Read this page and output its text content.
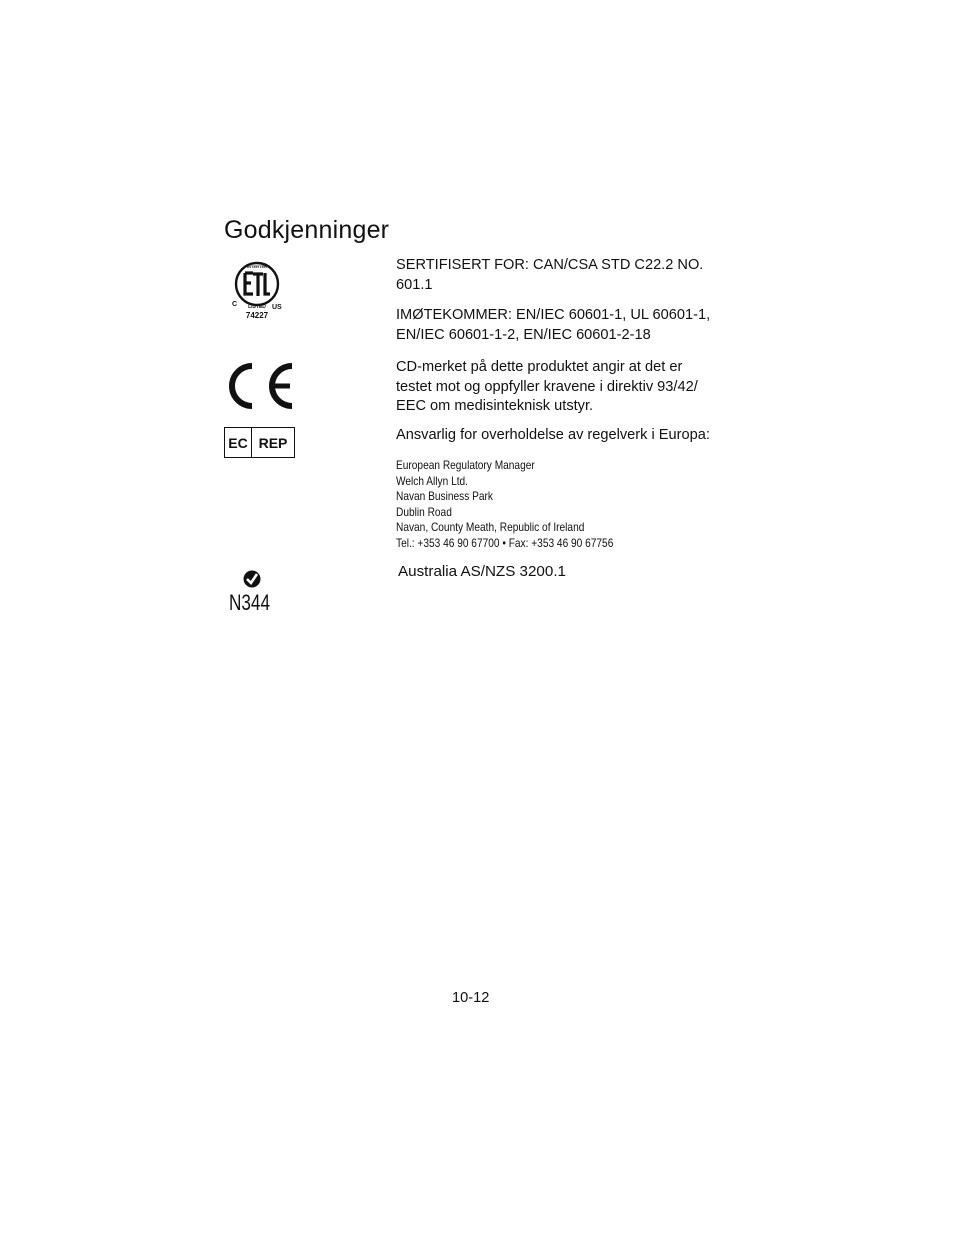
Godkjenninger
INTERTEK
C	US
LISTED
74227
SERTIFISERT FOR: CAN/CSA STD C22.2 NO.
601.1
IMØTEKOMMER: EN/IEC 60601-1, UL 60601-1,
EN/IEC 60601-1-2, EN/IEC 60601-2-18
CD-merket på dette produktet angir at det er
testet mot og oppfyller kravene i direktiv 93/42/
EEC om medisinteknisk utstyr.
EC REP	Ansvarlig for overholdelse av regelverk i Europa:
European Regulatory Manager
Welch Allyn Ltd.
Navan Business Park
Dublin Road
Navan, County Meath, Republic of Ireland
Tel.: +353 46 90 67700 • Fax: +353 46 90 67756
N344
Australia AS/NZS 3200.1
10-12
